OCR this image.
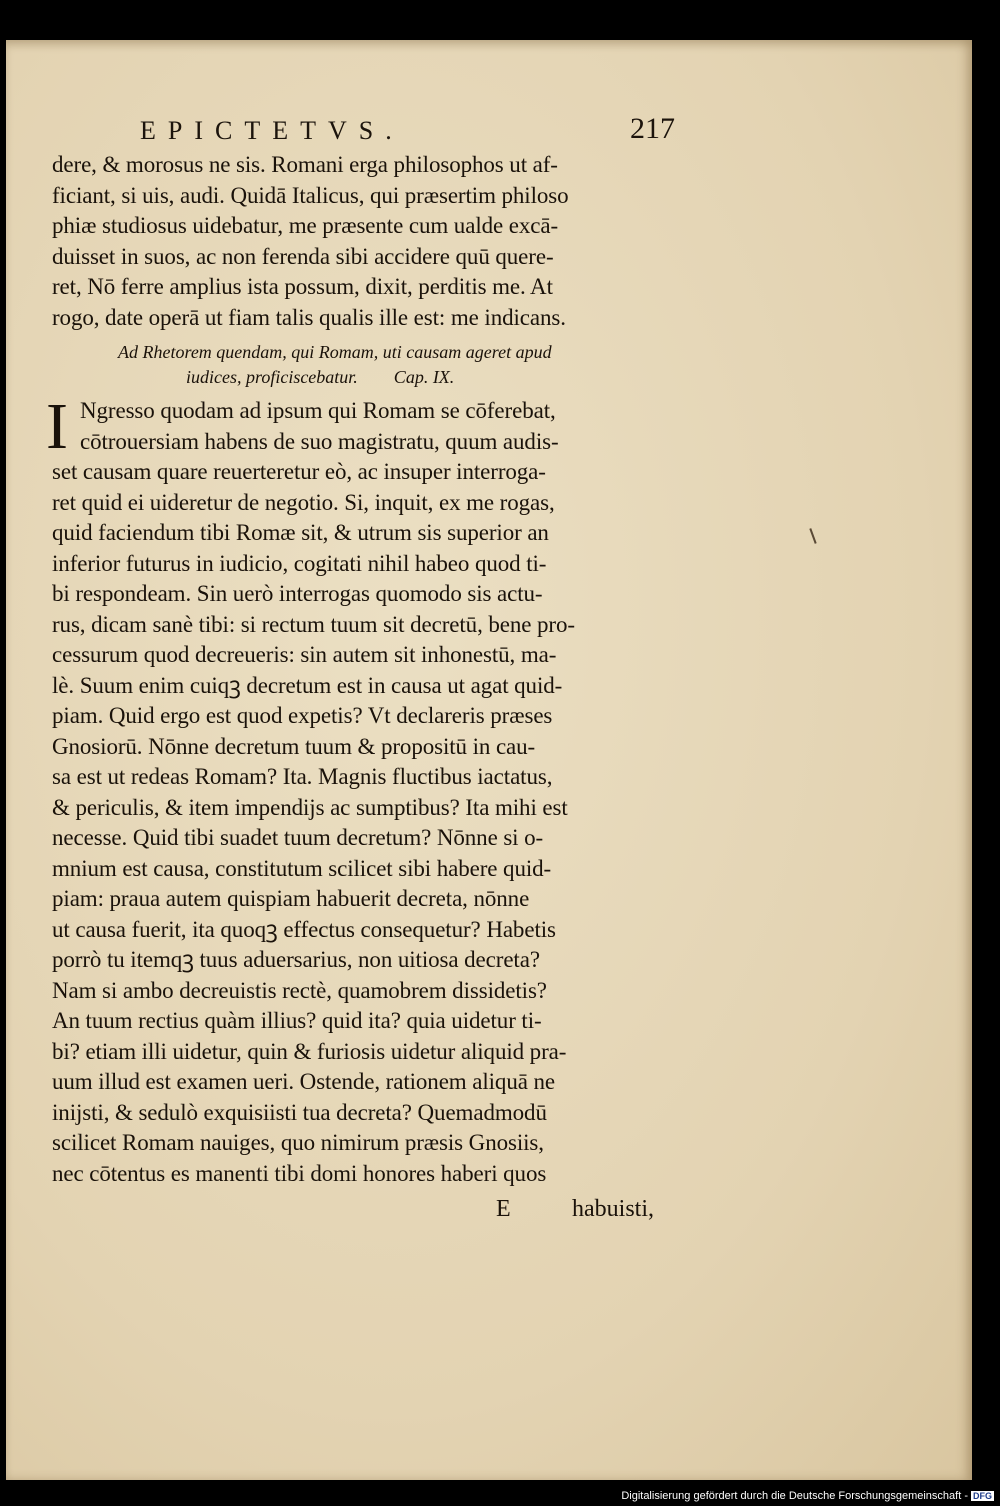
EPICTETVS.	217
dere, & morosus ne sis. Romani erga philosophos ut af-
ficiant, si uis, audi. Quidā Italicus, qui præsertim philoso
phiæ studiosus uidebatur, me præsente cum ualde excā-
duisset in suos, ac non ferenda sibi accidere quū quere-
ret, Nō ferre amplius ista possum, dixit, perditis me. At
rogo, date operā ut fiam talis qualis ille est: me indicans.
Ad Rhetorem quendam, qui Romam, uti causam ageret apud
iudices, proficiscebatur.        Cap. IX.
I Ngresso quodam ad ipsum qui Romam se cōferebat,
cōtrouersiam habens de suo magistratu, quum audis-
set causam quare reuerteretur eò, ac insuper interroga-
ret quid ei uideretur de negotio. Si, inquit, ex me rogas,
quid faciendum tibi Romæ sit, & utrum sis superior an
inferior futurus in iudicio, cogitati nihil habeo quod ti-
bi respondeam. Sin uerò interrogas quomodo sis actu-
rus, dicam sanè tibi: si rectum tuum sit decretū, bene pro-
cessurum quod decreueris: sin autem sit inhonestū, ma-
lè. Suum enim cuiqꝫ decretum est in causa ut agat quid-
piam. Quid ergo est quod expetis? Vt declareris præses
Gnosiorū. Nōnne decretum tuum & propositū in cau-
sa est ut redeas Romam? Ita. Magnis fluctibus iactatus,
& periculis, & item impendijs ac sumptibus? Ita mihi est
necesse. Quid tibi suadet tuum decretum? Nōnne si o-
mnium est causa, constitutum scilicet sibi habere quid-
piam: praua autem quispiam habuerit decreta, nōnne
ut causa fuerit, ita quoqꝫ effectus consequetur? Habetis
porrò tu itemqꝫ tuus aduersarius, non uitiosa decreta?
Nam si ambo decreuistis rectè, quamobrem dissidetis?
An tuum rectius quàm illius? quid ita? quia uidetur ti-
bi? etiam illi uidetur, quin & furiosis uidetur aliquid pra-
uum illud est examen ueri. Ostende, rationem aliquā ne
inijsti, & sedulò exquisiisti tua decreta? Quemadmodū
scilicet Romam nauiges, quo nimirum præsis Gnosiis,
nec cōtentus es manenti tibi domi honores haberi quos
E	habuisti,
Digitalisierung gefördert durch die Deutsche Forschungsgemeinschaft - DFG
